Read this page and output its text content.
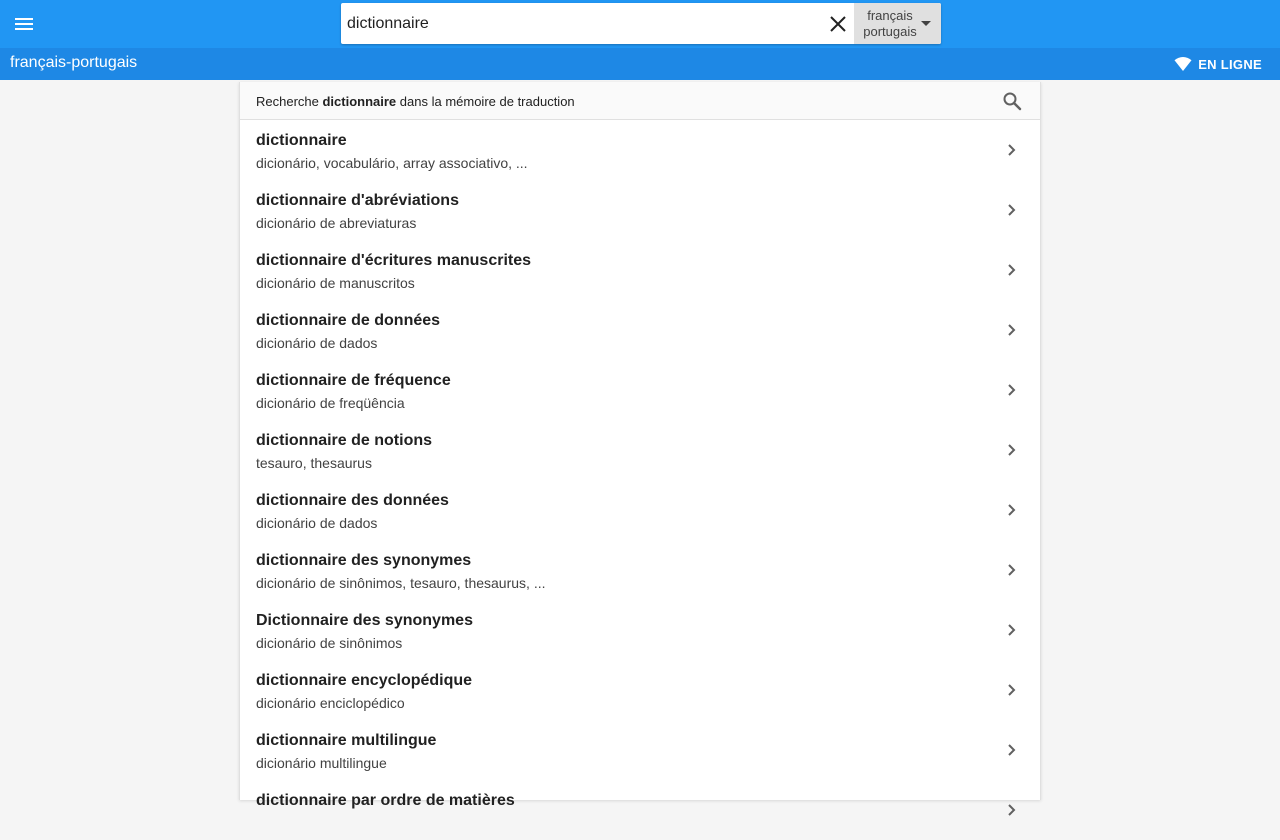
dictionnaire
français
portugais
français-portugais	EN LIGNE
Recherche dictionnaire dans la mémoire de traduction
dictionnaire
dicionário, vocabulário, array associativo, ...
dictionnaire d'abréviations
dicionário de abreviaturas
dictionnaire d'écritures manuscrites
dicionário de manuscritos
dictionnaire de données
dicionário de dados
dictionnaire de fréquence
dicionário de freqüência
dictionnaire de notions
tesauro, thesaurus
dictionnaire des données
dicionário de dados
dictionnaire des synonymes
dicionário de sinônimos, tesauro, thesaurus, ...
Dictionnaire des synonymes
dicionário de sinônimos
dictionnaire encyclopédique
dicionário enciclopédico
dictionnaire multilingue
dicionário multilingue
dictionnaire par ordre de matières
